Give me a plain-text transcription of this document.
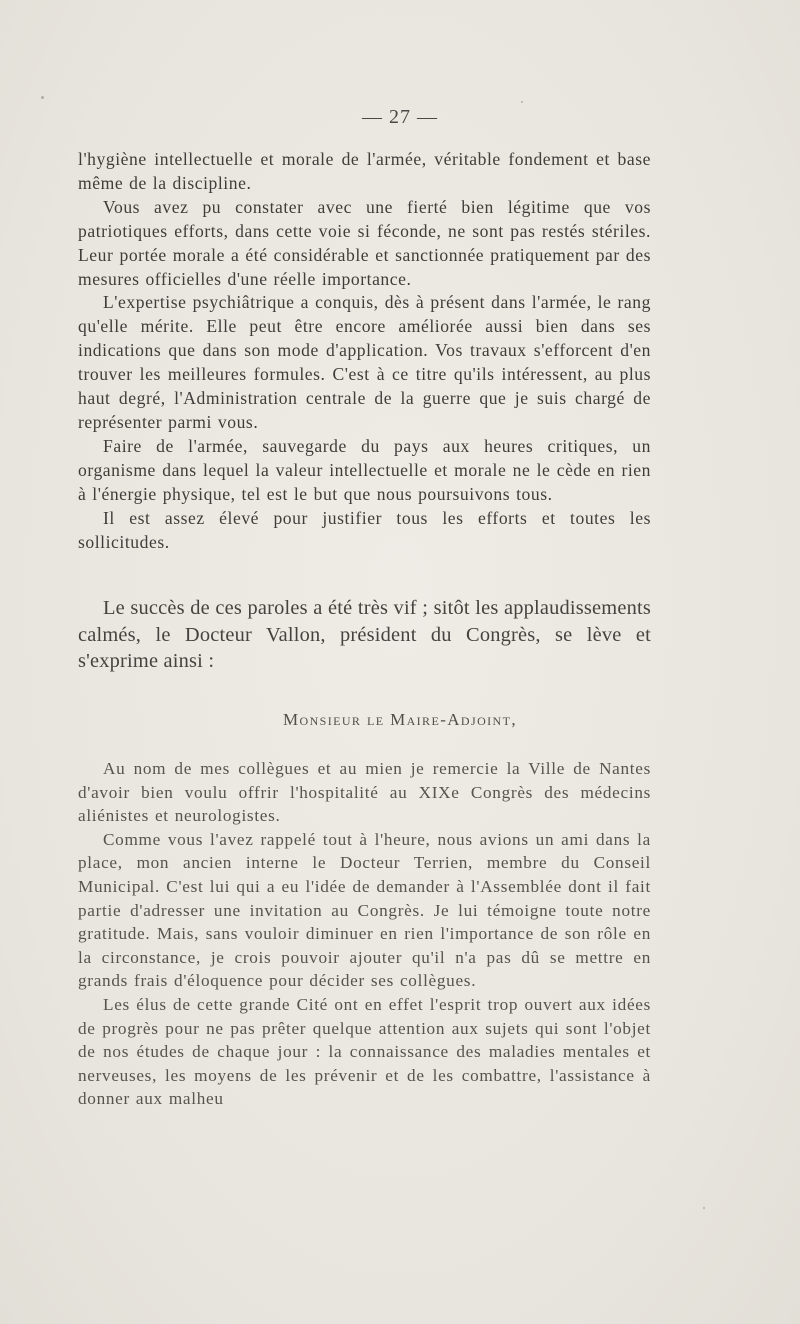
— 27 —

l'hygiène intellectuelle et morale de l'armée, véritable fondement et base même de la discipline.

Vous avez pu constater avec une fierté bien légitime que vos patriotiques efforts, dans cette voie si féconde, ne sont pas restés stériles. Leur portée morale a été considérable et sanctionnée pratiquement par des mesures officielles d'une réelle importance.

L'expertise psychiâtrique a conquis, dès à présent dans l'armée, le rang qu'elle mérite. Elle peut être encore améliorée aussi bien dans ses indications que dans son mode d'application. Vos travaux s'efforcent d'en trouver les meilleures formules. C'est à ce titre qu'ils intéressent, au plus haut degré, l'Administration centrale de la guerre que je suis chargé de représenter parmi vous.

Faire de l'armée, sauvegarde du pays aux heures critiques, un organisme dans lequel la valeur intellectuelle et morale ne le cède en rien à l'énergie physique, tel est le but que nous poursuivons tous.

Il est assez élevé pour justifier tous les efforts et toutes les sollicitudes.

Le succès de ces paroles a été très vif ; sitôt les applaudissements calmés, le Docteur Vallon, président du Congrès, se lève et s'exprime ainsi :

Monsieur le Maire-Adjoint,

Au nom de mes collègues et au mien je remercie la Ville de Nantes d'avoir bien voulu offrir l'hospitalité au XIXe Congrès des médecins aliénistes et neurologistes.

Comme vous l'avez rappelé tout à l'heure, nous avions un ami dans la place, mon ancien interne le Docteur Terrien, membre du Conseil Municipal. C'est lui qui a eu l'idée de demander à l'Assemblée dont il fait partie d'adresser une invitation au Congrès. Je lui témoigne toute notre gratitude. Mais, sans vouloir diminuer en rien l'importance de son rôle en la circonstance, je crois pouvoir ajouter qu'il n'a pas dû se mettre en grands frais d'éloquence pour décider ses collègues.

Les élus de cette grande Cité ont en effet l'esprit trop ouvert aux idées de progrès pour ne pas prêter quelque attention aux sujets qui sont l'objet de nos études de chaque jour : la connaissance des maladies mentales et nerveuses, les moyens de les prévenir et de les combattre, l'assistance à donner aux malheu
